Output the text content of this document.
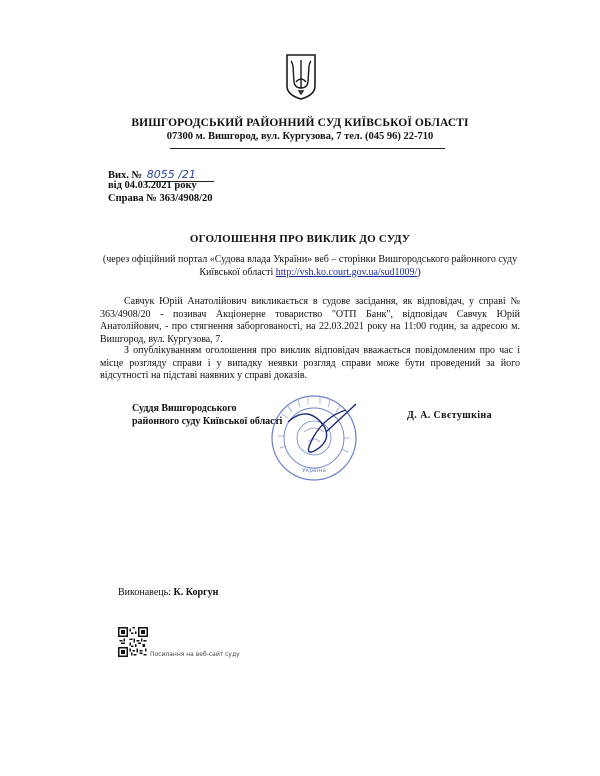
ВИШГОРОДСЬКИЙ РАЙОННИЙ СУД КИЇВСЬКОЇ ОБЛАСТІ
07300 м. Вишгород, вул. Кургузова, 7 тел. (045 96) 22-710
Вих. № 8055 /21
від 04.03.2021 року
Справа № 363/4908/20
ОГОЛОШЕННЯ ПРО ВИКЛИК ДО СУДУ
(через офіційний портал «Судова влада України» веб – сторінки Вишгородського районного суду Київської області http://vsh.ko.court.gov.ua/sud1009/)
Савчук Юрій Анатолійович викликається в судове засідання, як відповідач, у справі № 363/4908/20 - позивач Акціонерне товариство "ОТП Банк", відповідач Савчук Юрій Анатолійович, - про стягнення заборгованості, на 22.03.2021 року на 11:00 годин, за адресою м. Вишгород, вул. Кургузова, 7.
З опублікуванням оголошення про виклик відповідач вважається повідомленим про час і місце розгляду справи і у випадку неявки розгляд справи може бути проведений за його відсутності на підставі наявних у справі доказів.
Суддя Вишгородського
районного суду Київської області
Україна
Д. А. Свєтушкіна
Виконавець: К. Коргун
Посилання на веб-сайт суду
